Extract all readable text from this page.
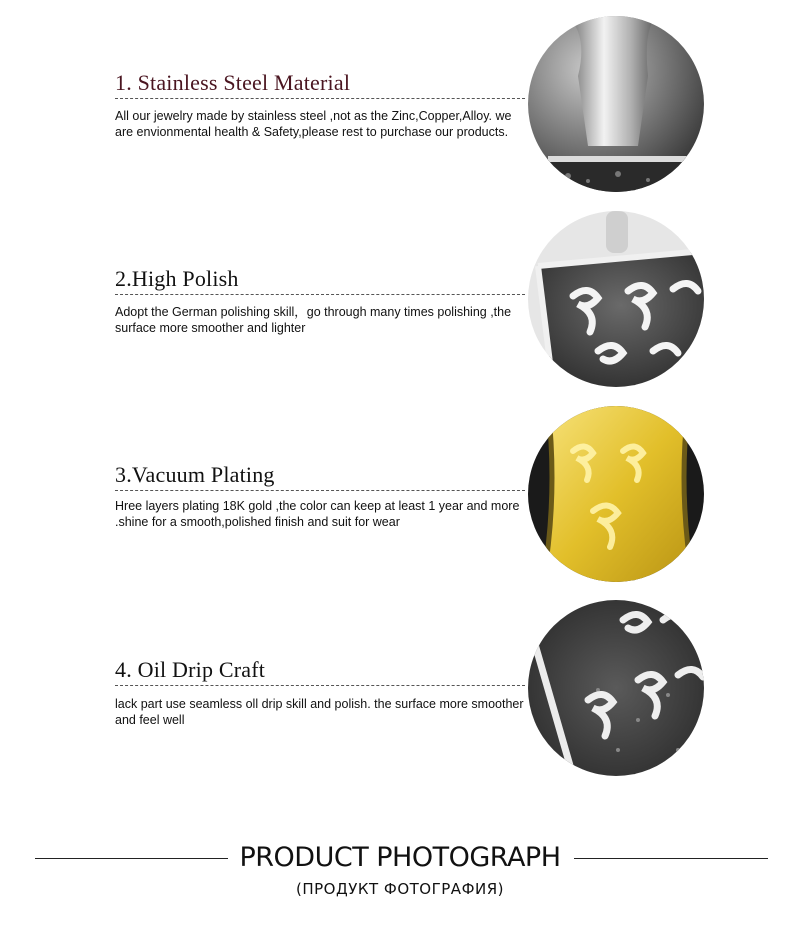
1. Stainless Steel Material
All our jewelry made by stainless steel ,not as the Zinc,Copper,Alloy. we are envionmental health & Safety,please rest to purchase our products.
2.High Polish
Adopt the German polishing skill，go through many times polishing ,the surface more smoother and lighter
3.Vacuum Plating
Hree layers plating 18K gold ,the color can keep at least 1 year and more .shine for a smooth,polished finish and suit for wear
4. Oil Drip Craft
lack part use seamless oll drip skill and polish. the surface more smoother and feel well
PRODUCT PHOTOGRAPH
(ПРОДУКТ ФОТОГРАФИЯ)
